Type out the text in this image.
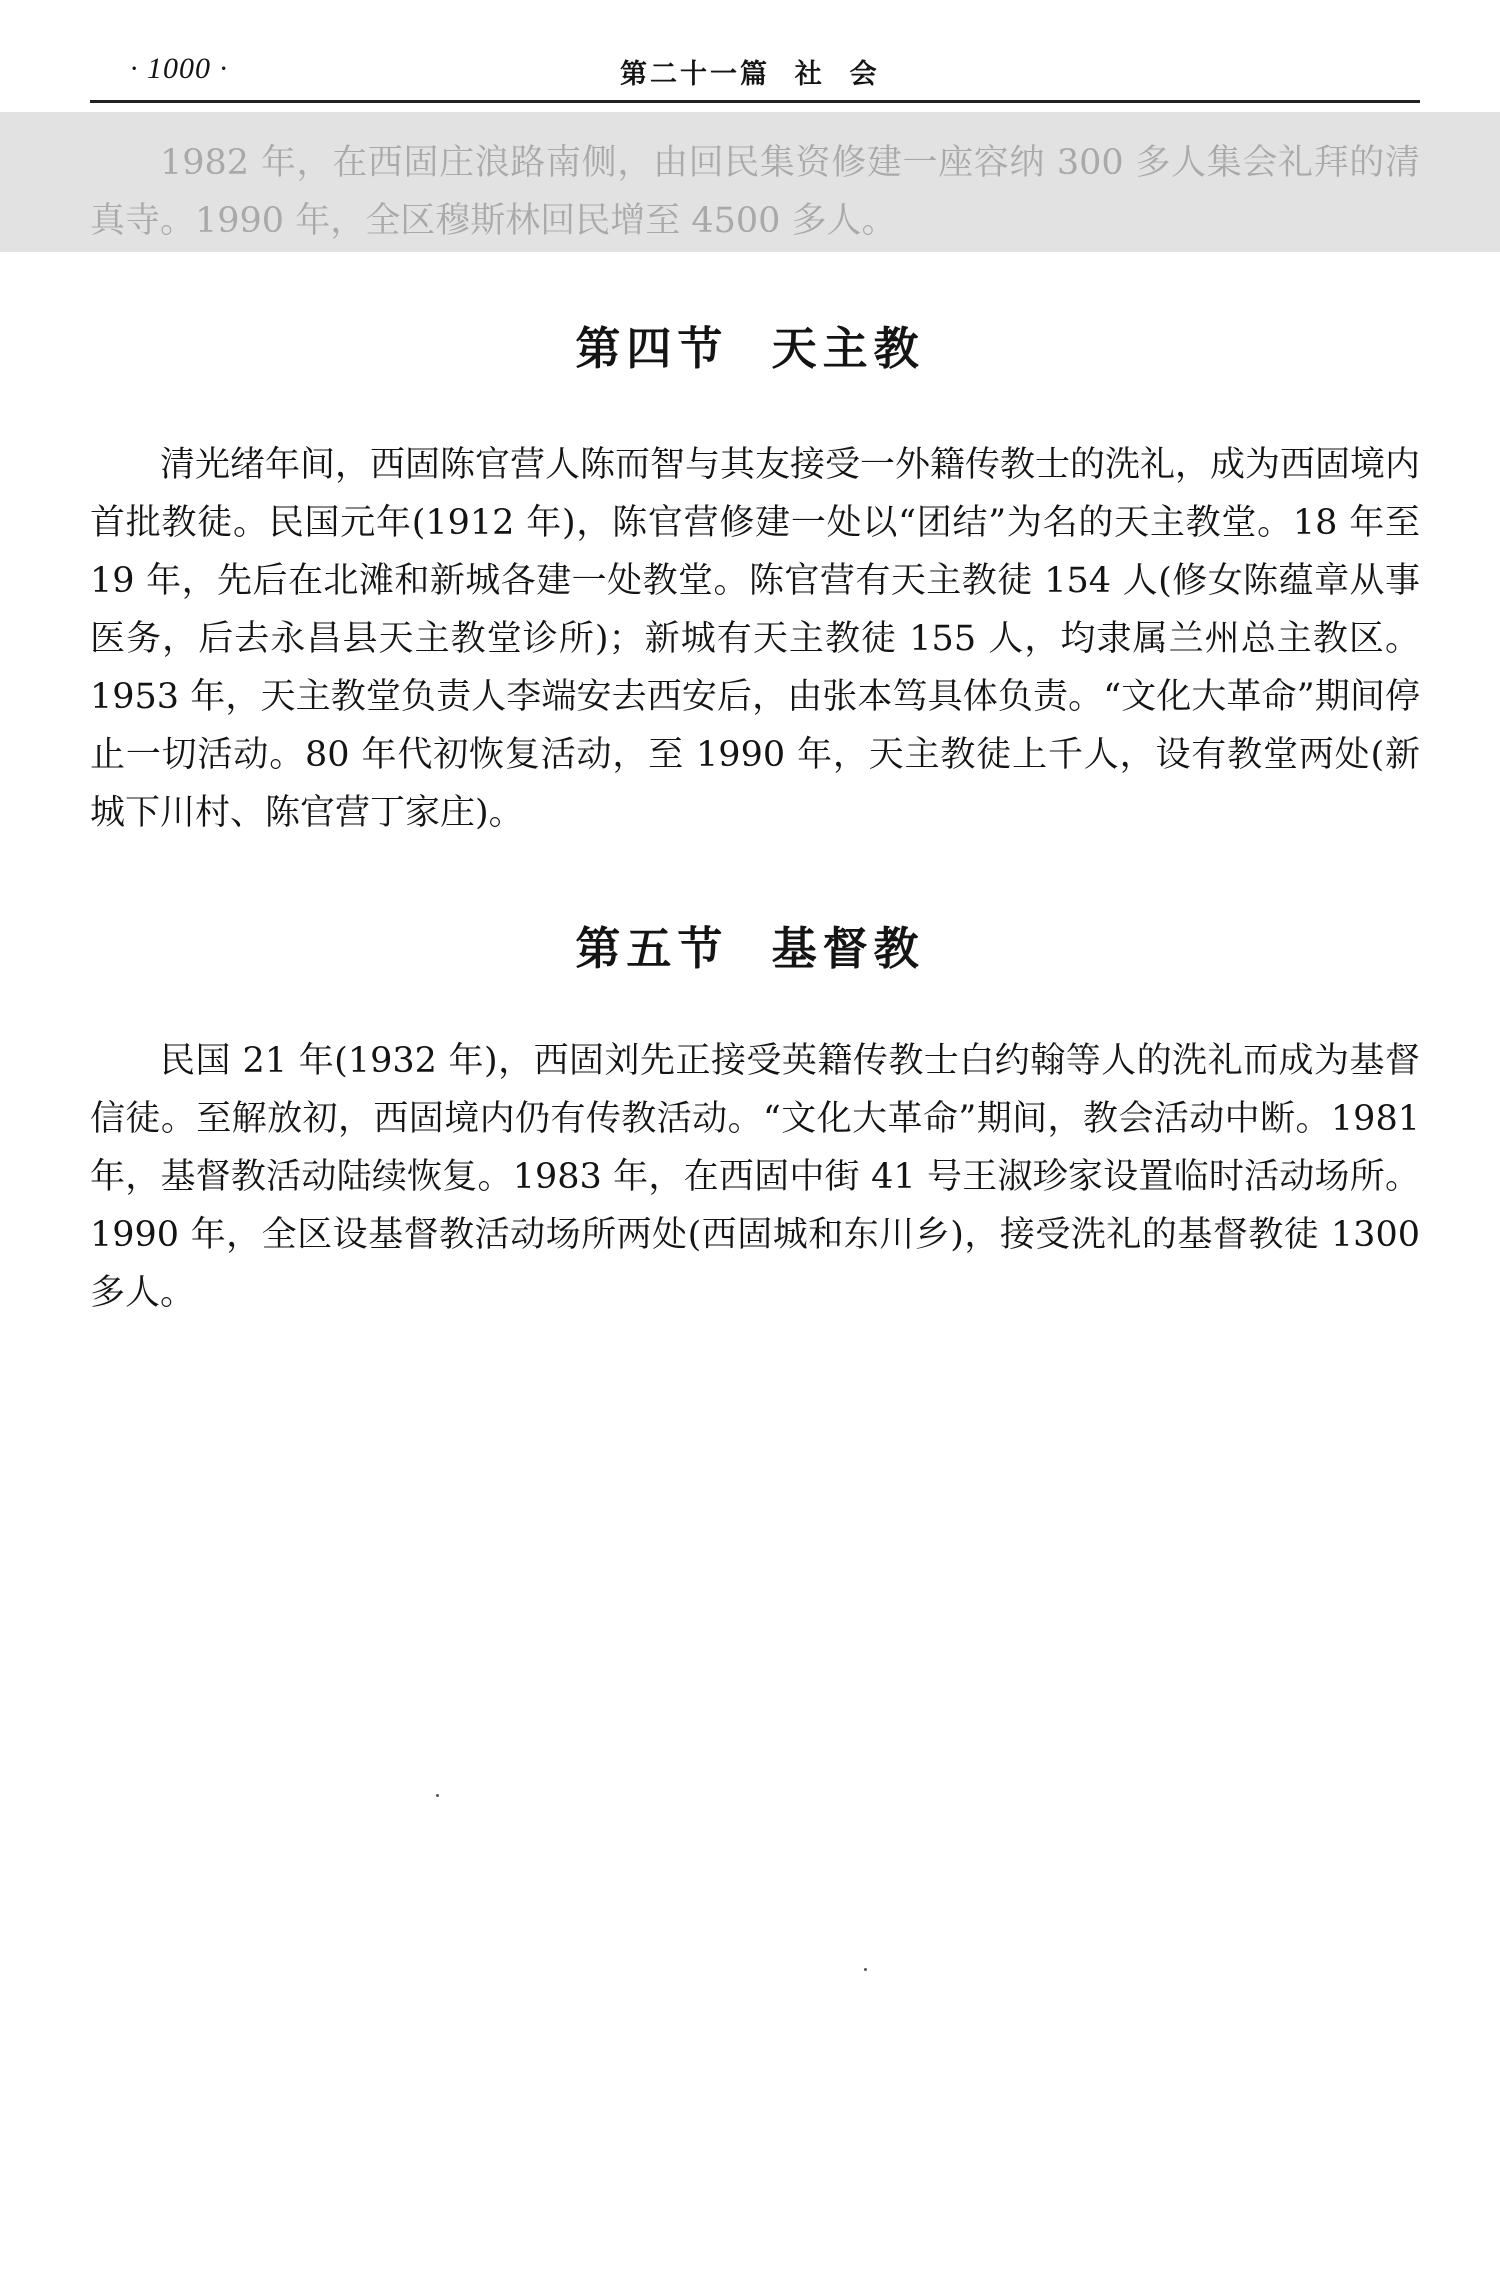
· 1000 ·	第二十一篇  社  会

1982 年，在西固庄浪路南侧，由回民集资修建一座容纳 300 多人集会礼拜的清真寺。1990 年，全区穆斯林回民增至 4500 多人。

第四节  天主教

清光绪年间，西固陈官营人陈而智与其友接受一外籍传教士的洗礼，成为西固境内首批教徒。民国元年(1912 年)，陈官营修建一处以“团结”为名的天主教堂。18 年至 19 年，先后在北滩和新城各建一处教堂。陈官营有天主教徒 154 人(修女陈蕴章从事医务，后去永昌县天主教堂诊所)；新城有天主教徒 155 人，均隶属兰州总主教区。1953 年，天主教堂负责人李端安去西安后，由张本笃具体负责。“文化大革命”期间停止一切活动。80 年代初恢复活动，至 1990 年，天主教徒上千人，设有教堂两处(新城下川村、陈官营丁家庄)。

第五节  基督教

民国 21 年(1932 年)，西固刘先正接受英籍传教士白约翰等人的洗礼而成为基督信徒。至解放初，西固境内仍有传教活动。“文化大革命”期间，教会活动中断。1981 年，基督教活动陆续恢复。1983 年，在西固中街 41 号王淑珍家设置临时活动场所。1990 年，全区设基督教活动场所两处(西固城和东川乡)，接受洗礼的基督教徒 1300 多人。
